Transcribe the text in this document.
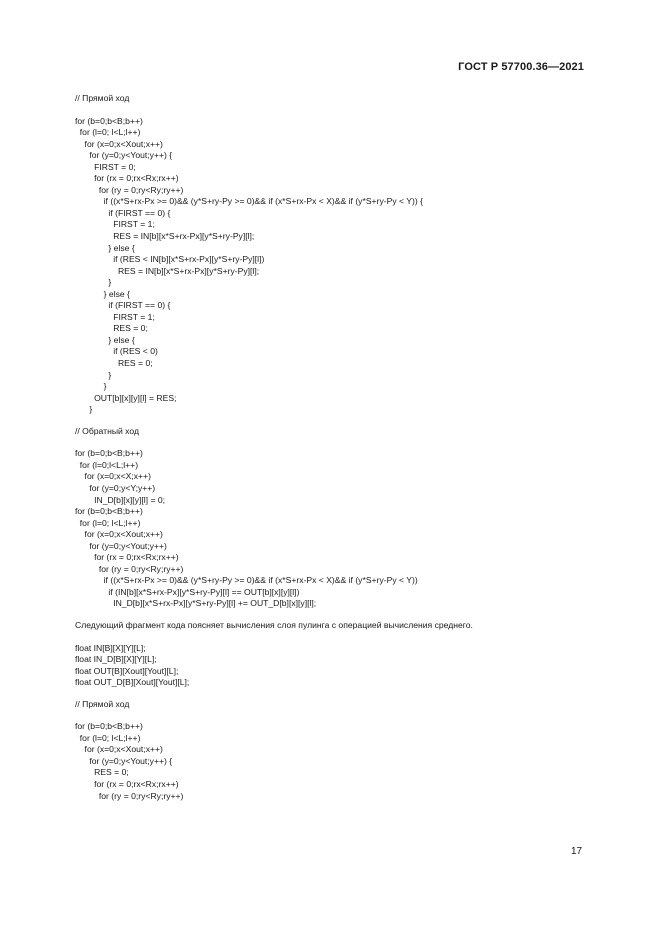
ГОСТ Р 57700.36—2021
// Прямой ход
for (b=0;b<B;b++)
for (l=0; l<L;l++)
for (x=0;x<Xout;x++)
for (y=0;y<Yout;y++) {
FIRST = 0;
for (rx = 0;rx<Rx;rx++)
for (ry = 0;ry<Ry;ry++)
if ((x*S+rx-Px >= 0)&& (y*S+ry-Py >= 0)&& if (x*S+rx-Px < X)&& if (y*S+ry-Py < Y)) {
if (FIRST == 0) {
FIRST = 1;
RES = IN[b][x*S+rx-Px][y*S+ry-Py][l];
} else {
if (RES < IN[b][x*S+rx-Px][y*S+ry-Py][l])
RES = IN[b][x*S+rx-Px][y*S+ry-Py][l];
}
} else {
if (FIRST == 0) {
FIRST = 1;
RES = 0;
} else {
if (RES < 0)
RES = 0;
}
}
OUT[b][x][y][l] = RES;
}
// Обратный ход
for (b=0;b<B;b++)
for (l=0;l<L;l++)
for (x=0;x<X;x++)
for (y=0;y<Y;y++)
IN_D[b][x][y][l] = 0;
for (b=0;b<B;b++)
for (l=0; l<L;l++)
for (x=0;x<Xout;x++)
for (y=0;y<Yout;y++)
for (rx = 0;rx<Rx;rx++)
for (ry = 0;ry<Ry;ry++)
if ((x*S+rx-Px >= 0)&& (y*S+ry-Py >= 0)&& if (x*S+rx-Px < X)&& if (y*S+ry-Py < Y))
if (IN[b][x*S+rx-Px][y*S+ry-Py][l] == OUT[b][x][y][l])
IN_D[b][x*S+rx-Px][y*S+ry-Py][l] += OUT_D[b][x][y][l];
Следующий фрагмент кода поясняет вычисления слоя пулинга с операцией вычисления среднего.
float IN[B][X][Y][L];
float IN_D[B][X][Y][L];
float OUT[B][Xout][Yout][L];
float OUT_D[B][Xout][Yout][L];
// Прямой ход
for (b=0;b<B;b++)
for (l=0; l<L;l++)
for (x=0;x<Xout;x++)
for (y=0;y<Yout;y++) {
RES = 0;
for (rx = 0;rx<Rx;rx++)
for (ry = 0;ry<Ry;ry++)
17
